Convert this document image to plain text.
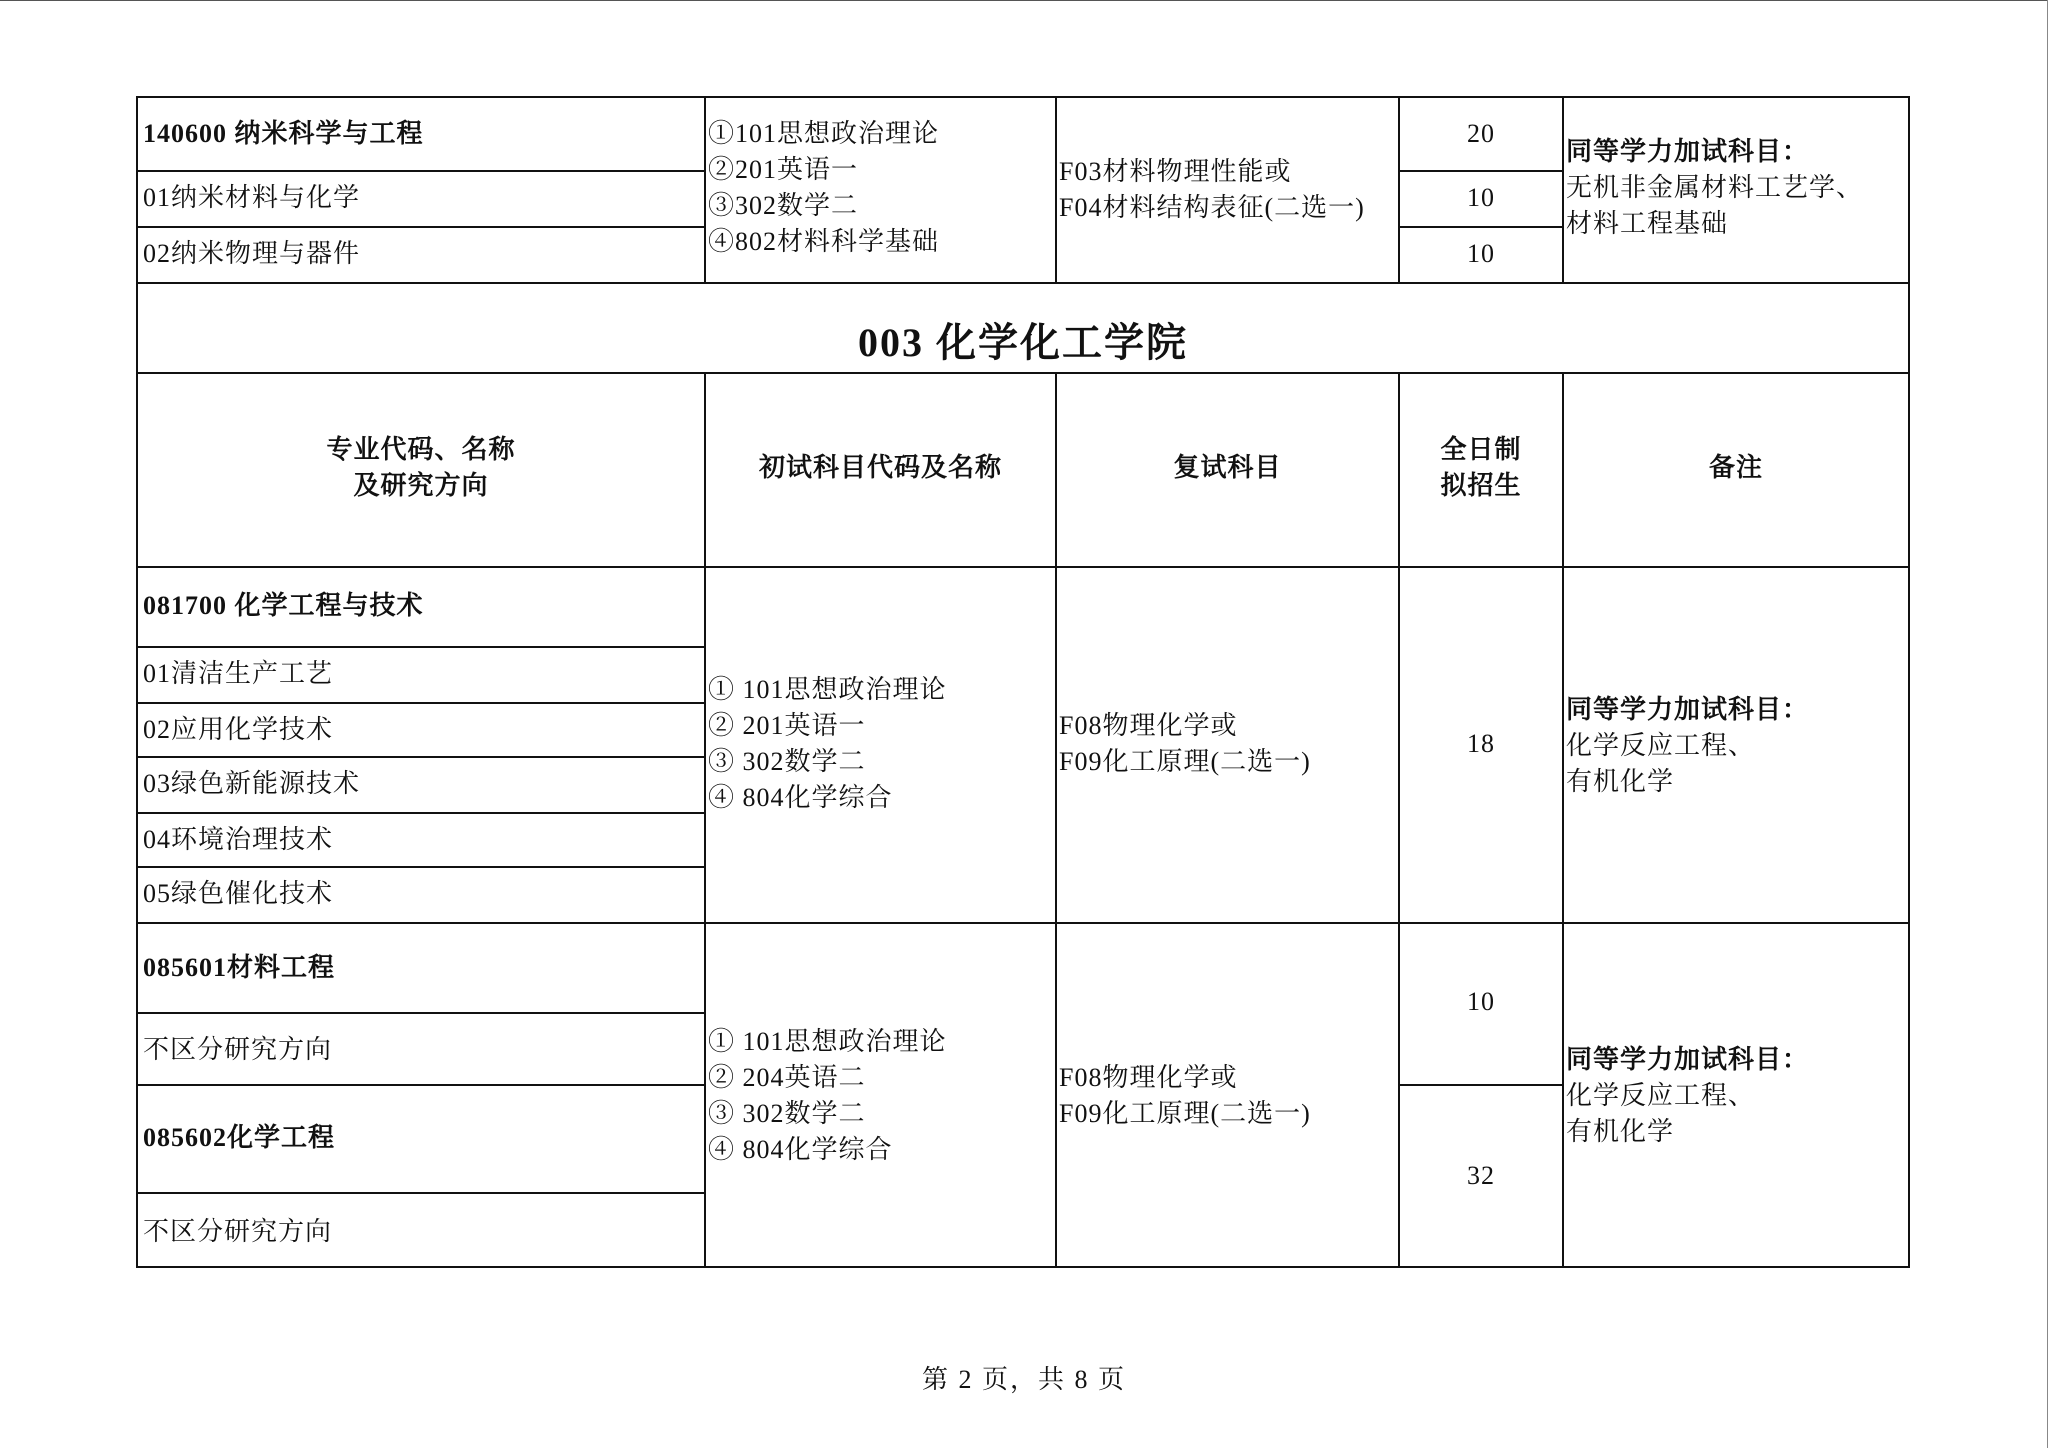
140600 纳米科学与工程
01纳米材料与化学
02纳米物理与器件
①101思想政治理论
②201英语一
③302数学二
④802材料科学基础
F03材料物理性能或
F04材料结构表征(二选一)
20
10
10
同等学力加试科目：
无机非金属材料工艺学、
材料工程基础
003 化学化工学院
专业代码、名称
及研究方向
初试科目代码及名称	复试科目
全日制
拟招生
备注
081700 化学工程与技术
01清洁生产工艺
02应用化学技术
03绿色新能源技术
04环境治理技术
05绿色催化技术
① 101思想政治理论
② 201英语一
③ 302数学二
④ 804化学综合
F08物理化学或
F09化工原理(二选一)
18
同等学力加试科目：
化学反应工程、
有机化学
085601材料工程
不区分研究方向
085602化学工程
不区分研究方向
① 101思想政治理论
② 204英语二
③ 302数学二
④ 804化学综合
F08物理化学或
F09化工原理(二选一)
10
32
同等学力加试科目：
化学反应工程、
有机化学
第 2 页，共 8 页
